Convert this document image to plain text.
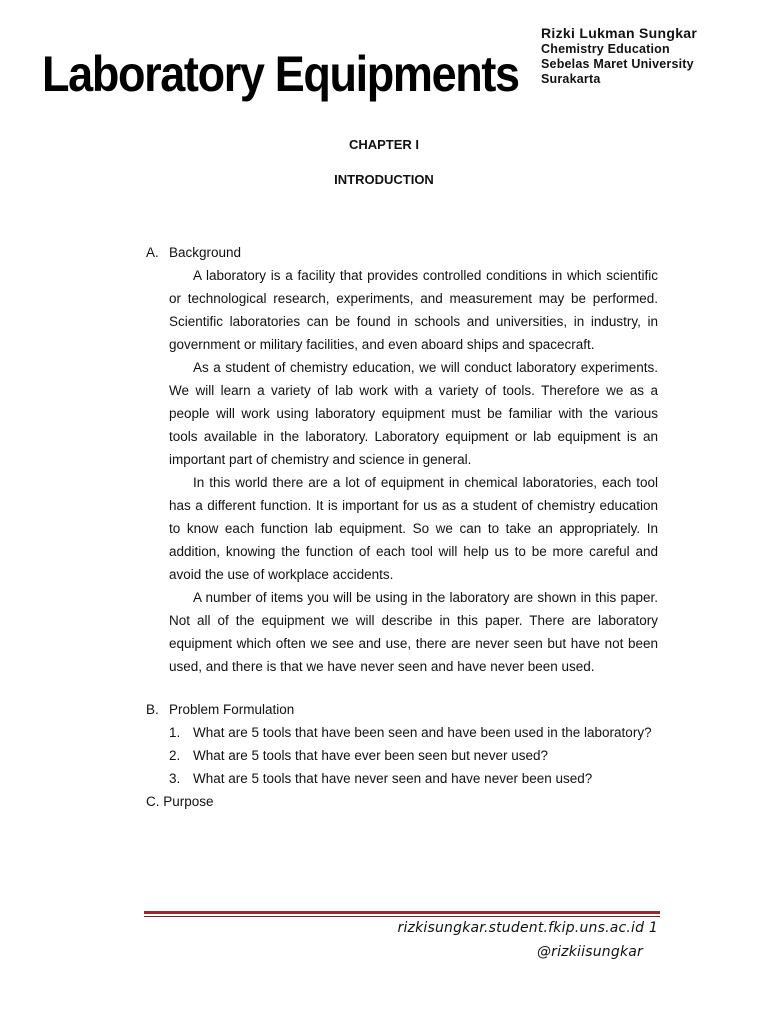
Laboratory Equipments
Rizki Lukman Sungkar
Chemistry Education
Sebelas Maret University
Surakarta
CHAPTER I
INTRODUCTION
A. Background

A laboratory is a facility that provides controlled conditions in which scientific or technological research, experiments, and measurement may be performed. Scientific laboratories can be found in schools and universities, in industry, in government or military facilities, and even aboard ships and spacecraft.

As a student of chemistry education, we will conduct laboratory experiments. We will learn a variety of lab work with a variety of tools. Therefore we as a people will work using laboratory equipment must be familiar with the various tools available in the laboratory. Laboratory equipment or lab equipment is an important part of chemistry and science in general.

In this world there are a lot of equipment in chemical laboratories, each tool has a different function. It is important for us as a student of chemistry education to know each function lab equipment. So we can to take an appropriately. In addition, knowing the function of each tool will help us to be more careful and avoid the use of workplace accidents.

A number of items you will be using in the laboratory are shown in this paper. Not all of the equipment we will describe in this paper. There are laboratory equipment which often we see and use, there are never seen but have not been used, and there is that we have never seen and have never been used.

B. Problem Formulation
1. What are 5 tools that have been seen and have been used in the laboratory?
2. What are 5 tools that have ever been seen but never used?
3. What are 5 tools that have never seen and have never been used?
C. Purpose
rizkisungkar.student.fkip.uns.ac.id 1
@rizkiisungkar
